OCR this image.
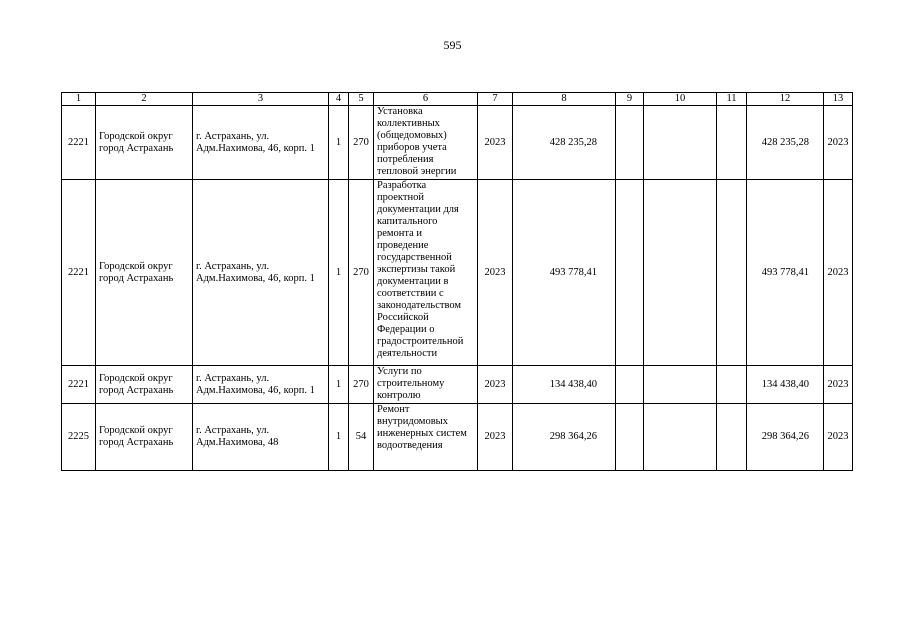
595
1	2	3	4	5	6	7	8	9	10	11	12	13
2221	Городской округ город Астрахань	г. Астрахань, ул. Адм.Нахимова, 46, корп. 1	1	270	Установка коллективных (общедомовых) приборов учета потребления тепловой энергии	2023	428 235,28				428 235,28	2023
2221	Городской округ город Астрахань	г. Астрахань, ул. Адм.Нахимова, 46, корп. 1	1	270	Разработка проектной документации для капитального ремонта и проведение государственной экспертизы такой документации в соответствии с законодательством Российской Федерации о градостроительной деятельности	2023	493 778,41				493 778,41	2023
2221	Городской округ город Астрахань	г. Астрахань, ул. Адм.Нахимова, 46, корп. 1	1	270	Услуги по строительному контролю	2023	134 438,40				134 438,40	2023
2225	Городской округ город Астрахань	г. Астрахань, ул. Адм.Нахимова, 48	1	54	Ремонт внутридомовых инженерных систем водоотведения	2023	298 364,26				298 364,26	2023
